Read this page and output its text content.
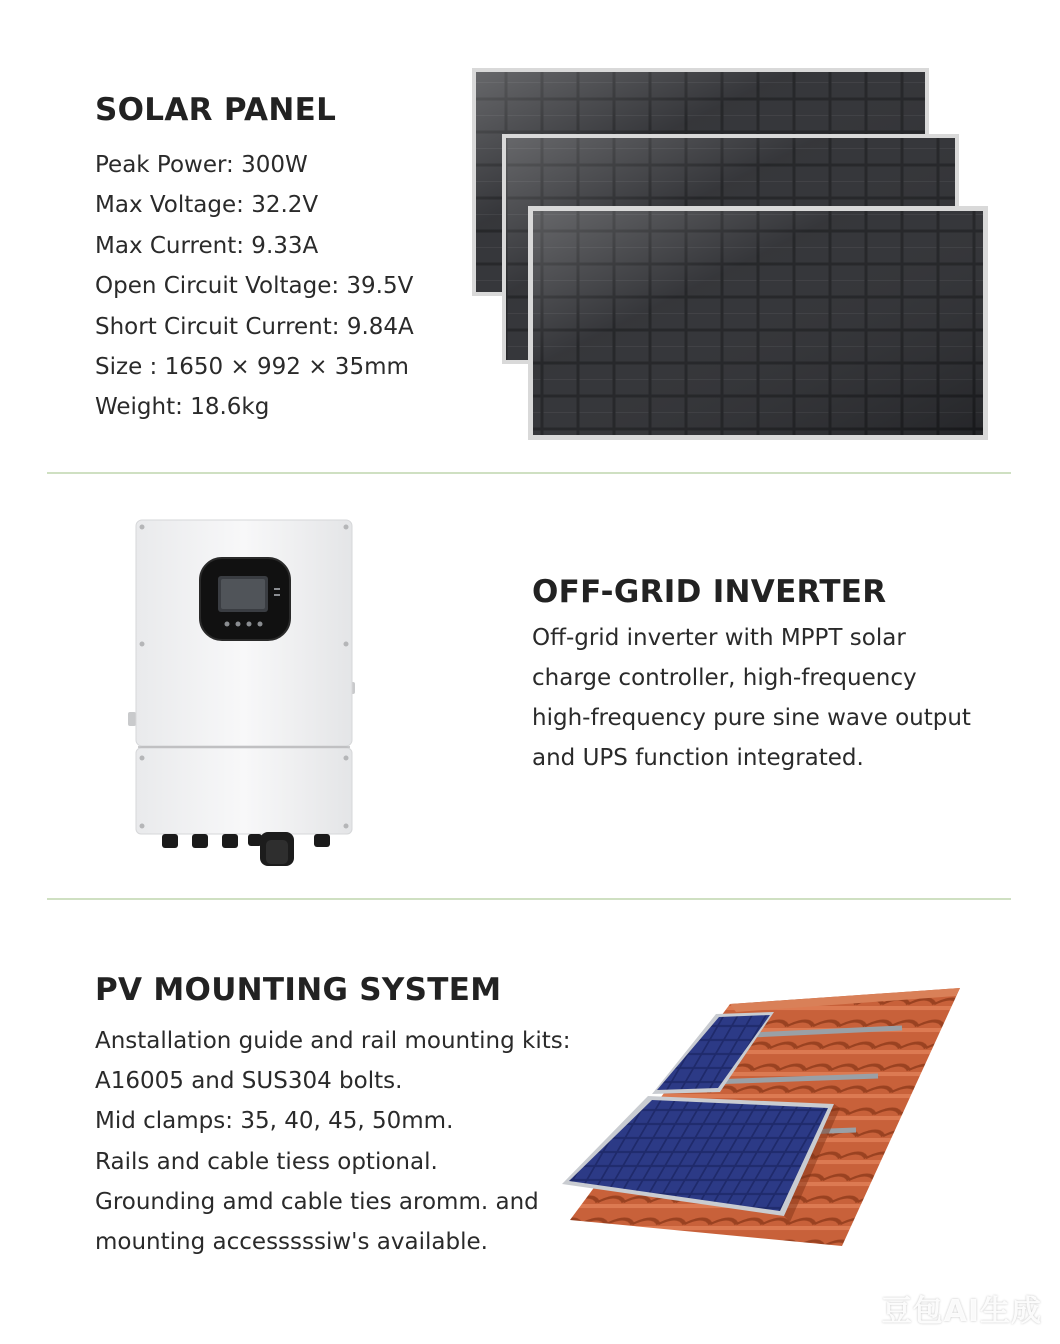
SOLAR PANEL
Peak Power: 300W
Max Voltage: 32.2V
Max Current: 9.33A
Open Circuit Voltage: 39.5V
Short Circuit Current: 9.84A
Size : 1650 × 992 × 35mm
Weight: 18.6kg
OFF-GRID INVERTER
Off-grid inverter with MPPT solar
charge controller, high-frequency
high-frequency pure sine wave output
and UPS function integrated.
PV MOUNTING SYSTEM
Anstallation guide and rail mounting kits:
A16005 and SUS304 bolts.
Mid clamps: 35, 40, 45, 50mm.
Rails and cable tiess optional.
Grounding amd cable ties aromm. and
mounting accesssssiw's available.
豆包AI生成
